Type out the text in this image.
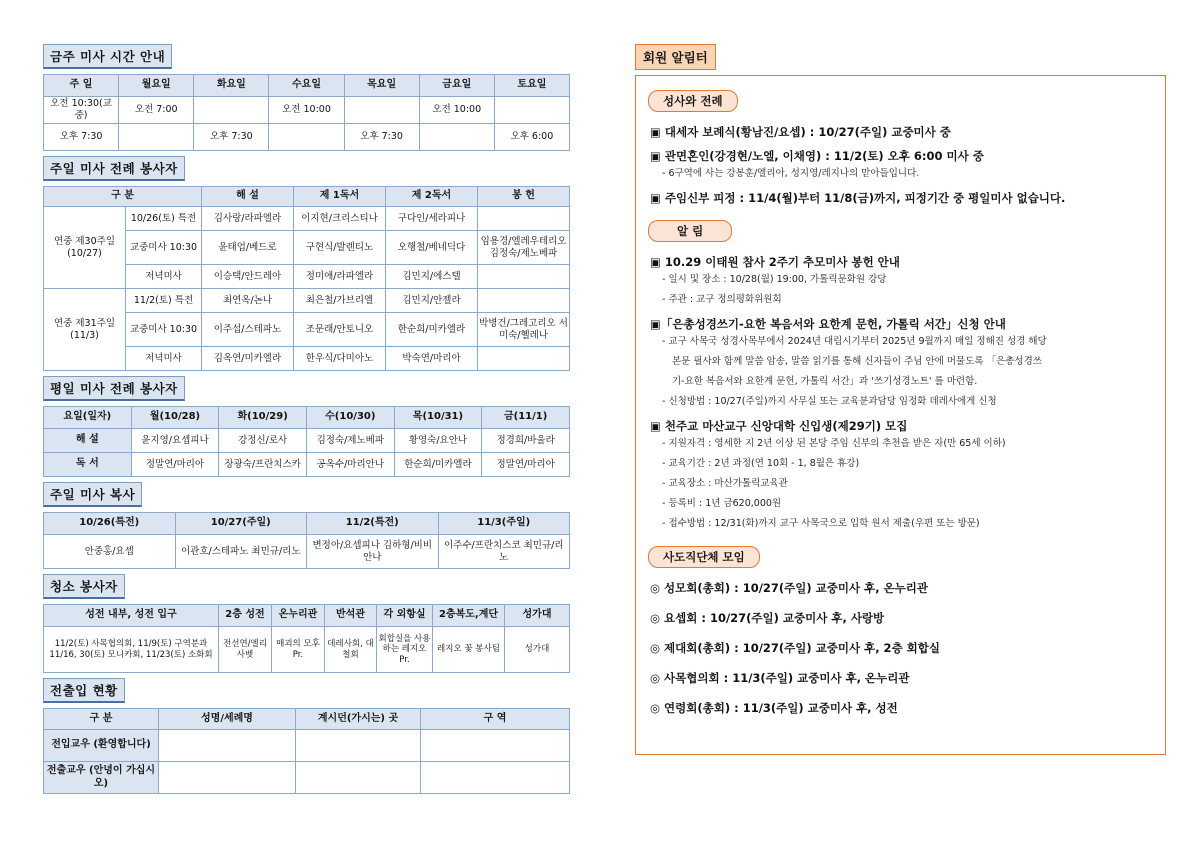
금주 미사 시간 안내
주 일	월요일	화요일	수요일	목요일	금요일	토요일
오전 10:30(교중)	오전 7:00		오전 10:00		오전 10:00	
오후 7:30		오후 7:30		오후 7:30		오후 6:00
주일 미사 전례 봉사자
구 분		해 설	제 1독서	제 2독서	봉 헌
연중 제30주일 (10/27)	10/26(토) 특전	김사랑/라파엘라	이지현/크리스티나	구다인/세라피나	
	교중미사 10:30	윤태업/베드로	구현식/발렌티노	오행철/베네딕다	임용경/엘레우테리오 김정숙/제노베파
	저녁미사	이승택/안드레아	정미애/라파엘라	김민지/에스텔	
연중 제31주일 (11/3)	11/2(토) 특전	최연옥/논나	최은철/가브리엘	김민지/안젤라	
	교중미사 10:30	이주섭/스테파노	조문래/안토니오	한순희/미카엘라	박병건/그레고리오 서미숙/헬레나
	저녁미사	김옥연/미카엘라	한우식/다미아노	박숙연/마리아	
평일 미사 전례 봉사자
요일(일자)	월(10/28)	화(10/29)	수(10/30)	목(10/31)	금(11/1)
해 설	윤지영/요셉피나	강정신/로사	김정숙/제노베파	황영숙/요안나	정경희/바울라
독 서	정말연/마리아	장광숙/프란치스카	공옥수/마리안나	한순희/미카엘라	정말연/마리아
주일 미사 복사
10/26(특전)	10/27(주일)	11/2(특전)	11/3(주일)
안중홍/요셉	이관호/스테파노 최민규/리노	변정아/요셉피나 김하형/비비안나	이주수/프란치스코 최민규/리노
청소 봉사자
성전 내부, 성전 입구	2층 성전	온누리관	반석관	각 외항실	2층복도,계단	성가대
11/2(토) 사목협의회, 11/9(토) 구역분과 11/16, 30(토) 모니카회, 11/23(토) 소화회	전선연/엘리사벳	매괴의 모후 Pr.	데레사회, 대철회	회합실을 사용하는 레지오 Pr.	레지오 꽃 봉사팀	성가대
전출입 현황
구 분	성명/세례명	계시던(가시는) 곳	구 역
전입교우 (환영합니다)			
전출교우 (안녕이 가십시오)			
회원 알림터
성사와 전례
▣ 대세자 보례식(황남진/요셉) : 10/27(주일) 교중미사 중
▣ 관면혼인(강경현/노엘, 이채영) : 11/2(토) 오후 6:00 미사 중
- 6구역에 사는 강봉훈/엘리아, 성지영/레지나의 맏아들입니다.
▣ 주임신부 피정 : 11/4(월)부터 11/8(금)까지, 피정기간 중 평일미사 없습니다.
알 림
▣ 10.29 이태원 참사 2주기 추모미사 봉헌 안내
- 일시 및 장소 : 10/28(월) 19:00, 가톨릭문화원 강당
- 주관 : 교구 정의평화위원회
▣「은총성경쓰기-요한 복음서와 요한계 문헌, 가톨릭 서간」신청 안내
- 교구 사목국 성경사목부에서 2024년 대림시기부터 2025년 9월까지 매일 정해진 성경 해당
본문 필사와 함께 말씀 암송, 말씀 읽기를 통해 신자들이 주님 안에 머물도록 「은총성경쓰
기-요한 복음서와 요한계 문헌, 가톨릭 서간」과 '쓰기성경노트' 를 마련함.
- 신청방법 : 10/27(주일)까지 사무실 또는 교육분과담당 임정화 데레사에게 신청
▣ 천주교 마산교구 신앙대학 신입생(제29기) 모집
- 지원자격 : 영세한 지 2년 이상 된 본당 주임 신부의 추천을 받은 자(만 65세 이하)
- 교육기간 : 2년 과정(연 10회 - 1, 8월은 휴강)
- 교육장소 : 마산가톨릭교육관
- 등록비 : 1년 금620,000원
- 접수방법 : 12/31(화)까지 교구 사목국으로 입학 원서 제출(우편 또는 방문)
사도직단체 모임
◎ 성모회(총회) : 10/27(주일) 교중미사 후, 온누리관
◎ 요셉회 : 10/27(주일) 교중미사 후, 사랑방
◎ 제대회(총회) : 10/27(주일) 교중미사 후, 2층 회합실
◎ 사목협의회 : 11/3(주일) 교중미사 후, 온누리관
◎ 연령회(총회) : 11/3(주일) 교중미사 후, 성전
